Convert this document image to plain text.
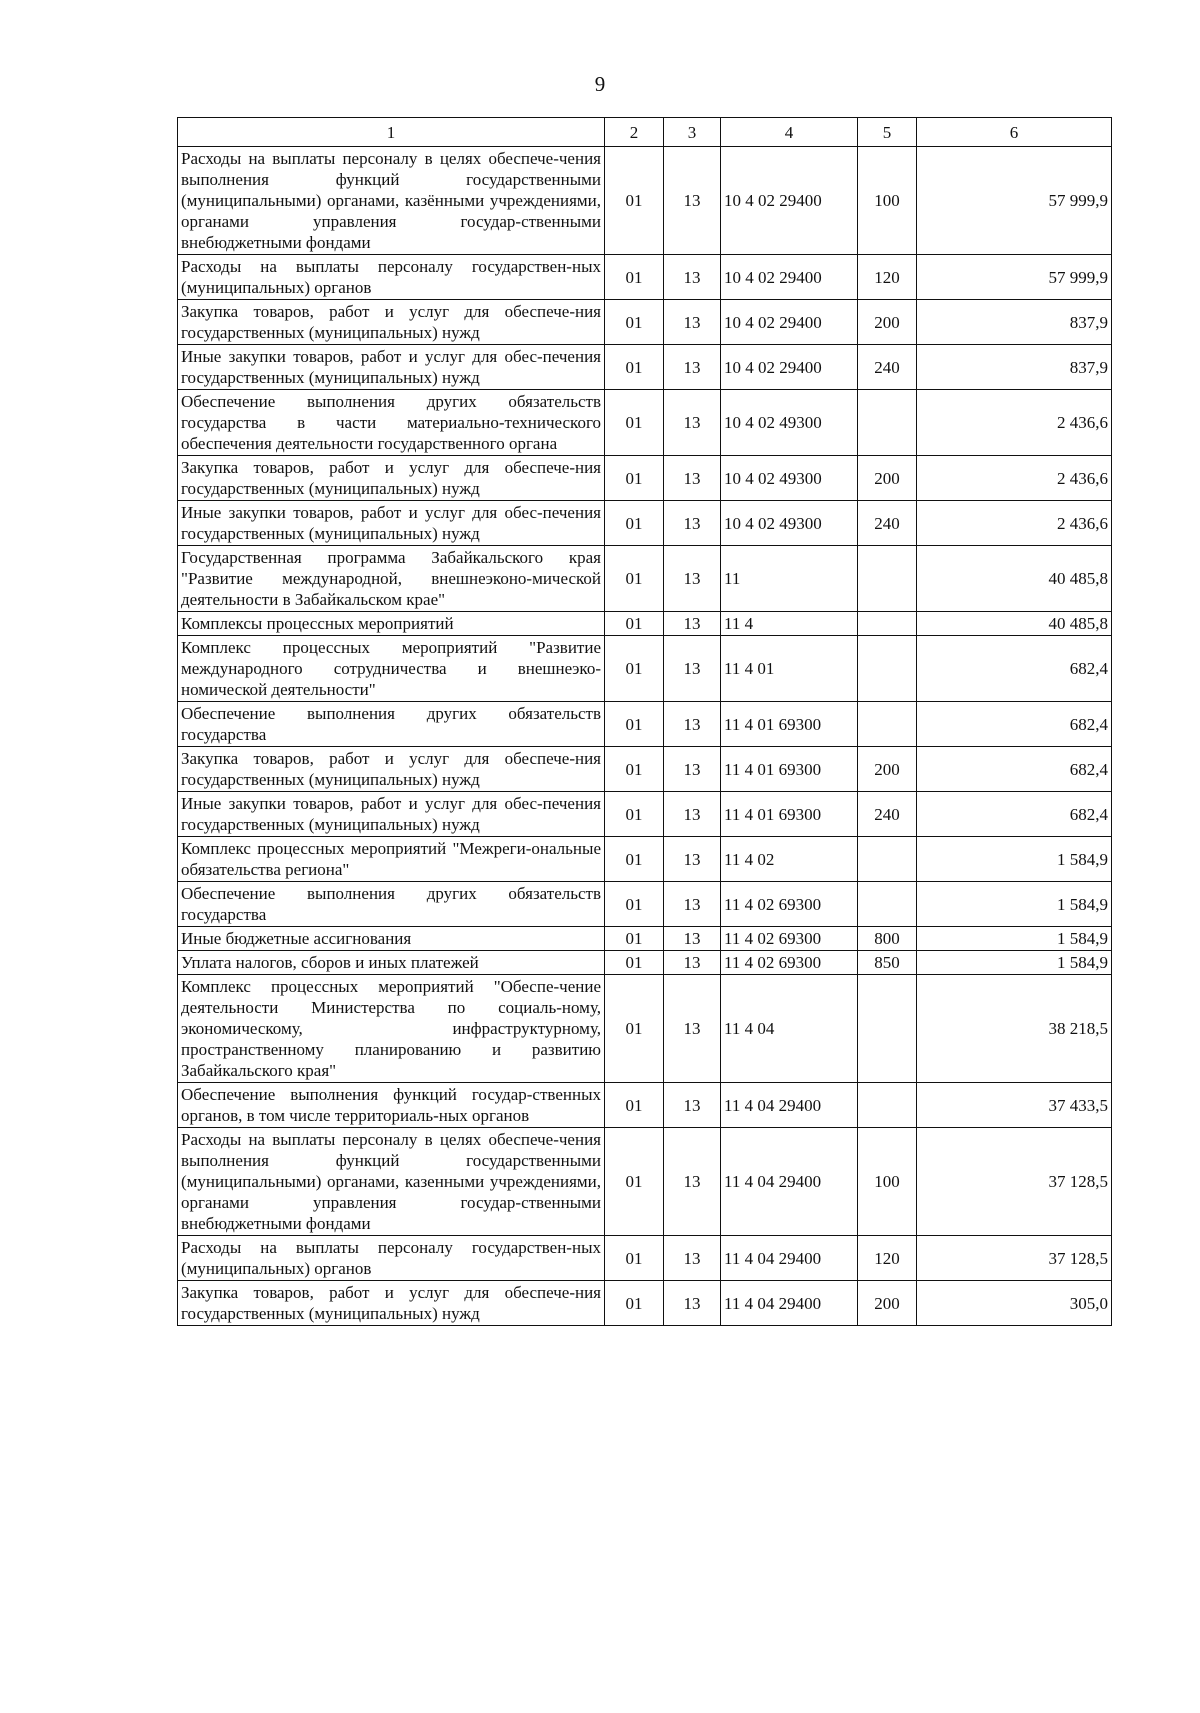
9
1	2	3	4	5	6
Расходы на выплаты персоналу в целях обеспече-чения выполнения функций государственными (муниципальными) органами, казёнными учреждениями, органами управления государ-ственными внебюджетными фондами	01	13	10 4 02 29400	100	57 999,9
Расходы на выплаты персоналу государствен-ных (муниципальных) органов	01	13	10 4 02 29400	120	57 999,9
Закупка товаров, работ и услуг для обеспече-ния государственных (муниципальных) нужд	01	13	10 4 02 29400	200	837,9
Иные закупки товаров, работ и услуг для обес-печения государственных (муниципальных) нужд	01	13	10 4 02 29400	240	837,9
Обеспечение выполнения других обязательств государства в части материально-технического обеспечения деятельности государственного органа	01	13	10 4 02 49300		2 436,6
Закупка товаров, работ и услуг для обеспече-ния государственных (муниципальных) нужд	01	13	10 4 02 49300	200	2 436,6
Иные закупки товаров, работ и услуг для обес-печения государственных (муниципальных) нужд	01	13	10 4 02 49300	240	2 436,6
Государственная программа Забайкальского края "Развитие международной, внешнеэконо-мической деятельности в Забайкальском крае"	01	13	11		40 485,8
Комплексы процессных мероприятий	01	13	11 4		40 485,8
Комплекс процессных мероприятий "Развитие международного сотрудничества и внешнеэко-номической деятельности"	01	13	11 4 01		682,4
Обеспечение выполнения других обязательств государства	01	13	11 4 01 69300		682,4
Закупка товаров, работ и услуг для обеспече-ния государственных (муниципальных) нужд	01	13	11 4 01 69300	200	682,4
Иные закупки товаров, работ и услуг для обес-печения государственных (муниципальных) нужд	01	13	11 4 01 69300	240	682,4
Комплекс процессных мероприятий "Межреги-ональные обязательства региона"	01	13	11 4 02		1 584,9
Обеспечение выполнения других обязательств государства	01	13	11 4 02 69300		1 584,9
Иные бюджетные ассигнования	01	13	11 4 02 69300	800	1 584,9
Уплата налогов, сборов и иных платежей	01	13	11 4 02 69300	850	1 584,9
Комплекс процессных мероприятий "Обеспе-чение деятельности Министерства по социаль-ному, экономическому, инфраструктурному, пространственному планированию и развитию Забайкальского края"	01	13	11 4 04		38 218,5
Обеспечение выполнения функций государ-ственных органов, в том числе территориаль-ных органов	01	13	11 4 04 29400		37 433,5
Расходы на выплаты персоналу в целях обеспече-чения выполнения функций государственными (муниципальными) органами, казенными учреждениями, органами управления государ-ственными внебюджетными фондами	01	13	11 4 04 29400	100	37 128,5
Расходы на выплаты персоналу государствен-ных (муниципальных) органов	01	13	11 4 04 29400	120	37 128,5
Закупка товаров, работ и услуг для обеспече-ния государственных (муниципальных) нужд	01	13	11 4 04 29400	200	305,0
